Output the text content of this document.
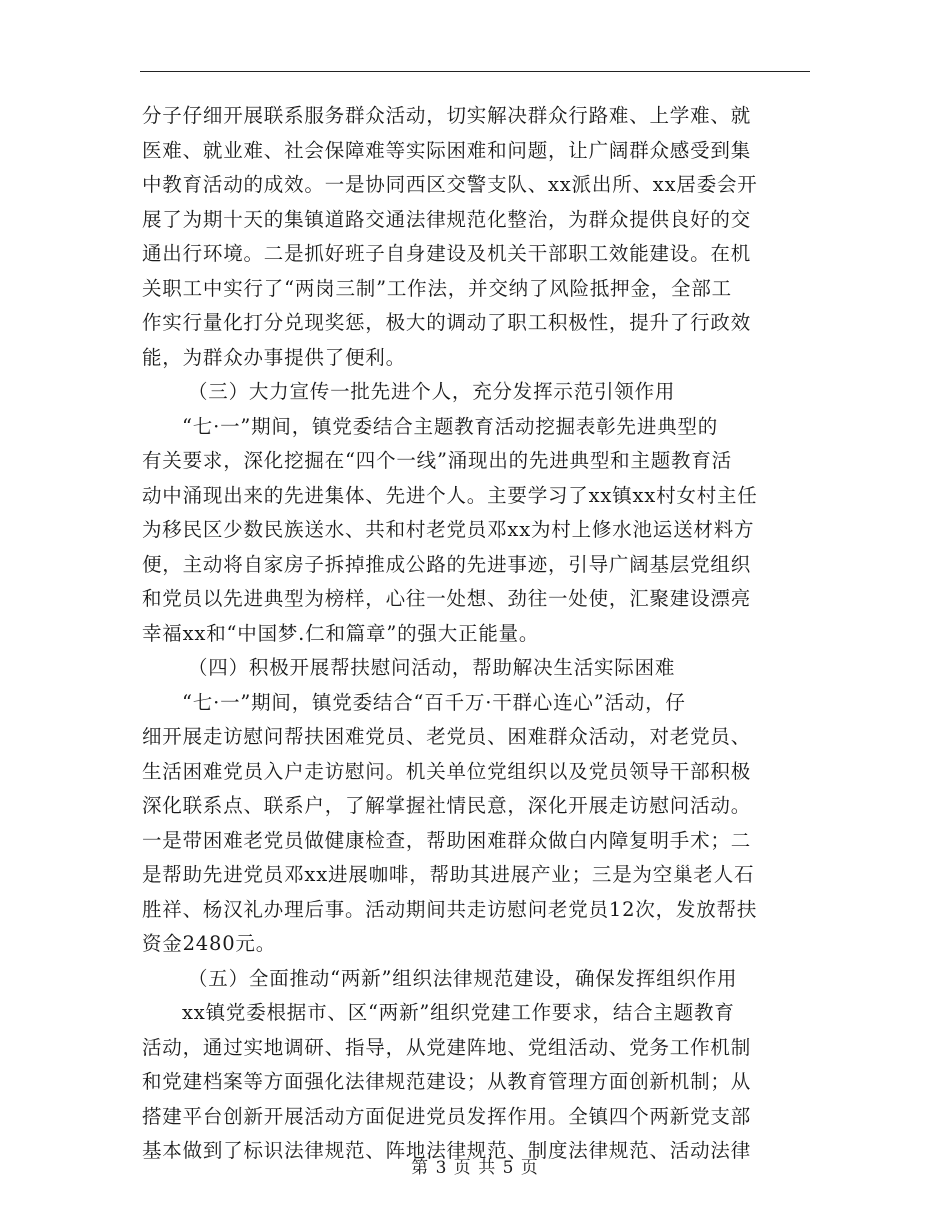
分子仔细开展联系服务群众活动，切实解决群众行路难、上学难、就
医难、就业难、社会保障难等实际困难和问题，让广阔群众感受到集
中教育活动的成效。一是协同西区交警支队、xx派出所、xx居委会开
展了为期十天的集镇道路交通法律规范化整治，为群众提供良好的交
通出行环境。二是抓好班子自身建设及机关干部职工效能建设。在机
关职工中实行了“两岗三制”工作法，并交纳了风险抵押金，全部工
作实行量化打分兑现奖惩，极大的调动了职工积极性，提升了行政效
能，为群众办事提供了便利。
（三）大力宣传一批先进个人，充分发挥示范引领作用
“七·一”期间，镇党委结合主题教育活动挖掘表彰先进典型的
有关要求，深化挖掘在“四个一线”涌现出的先进典型和主题教育活
动中涌现出来的先进集体、先进个人。主要学习了xx镇xx村女村主任
为移民区少数民族送水、共和村老党员邓xx为村上修水池运送材料方
便，主动将自家房子拆掉推成公路的先进事迹，引导广阔基层党组织
和党员以先进典型为榜样，心往一处想、劲往一处使，汇聚建设漂亮
幸福xx和“中国梦.仁和篇章”的强大正能量。
（四）积极开展帮扶慰问活动，帮助解决生活实际困难
“七·一”期间，镇党委结合“百千万·干群心连心”活动，仔
细开展走访慰问帮扶困难党员、老党员、困难群众活动，对老党员、
生活困难党员入户走访慰问。机关单位党组织以及党员领导干部积极
深化联系点、联系户，了解掌握社情民意，深化开展走访慰问活动。
一是带困难老党员做健康检查，帮助困难群众做白内障复明手术；二
是帮助先进党员邓xx进展咖啡，帮助其进展产业；三是为空巢老人石
胜祥、杨汉礼办理后事。活动期间共走访慰问老党员12次，发放帮扶
资金2480元。
（五）全面推动“两新”组织法律规范建设，确保发挥组织作用
xx镇党委根据市、区“两新”组织党建工作要求，结合主题教育
活动，通过实地调研、指导，从党建阵地、党组活动、党务工作机制
和党建档案等方面强化法律规范建设；从教育管理方面创新机制；从
搭建平台创新开展活动方面促进党员发挥作用。全镇四个两新党支部
基本做到了标识法律规范、阵地法律规范、制度法律规范、活动法律
第 3 页 共 5 页
